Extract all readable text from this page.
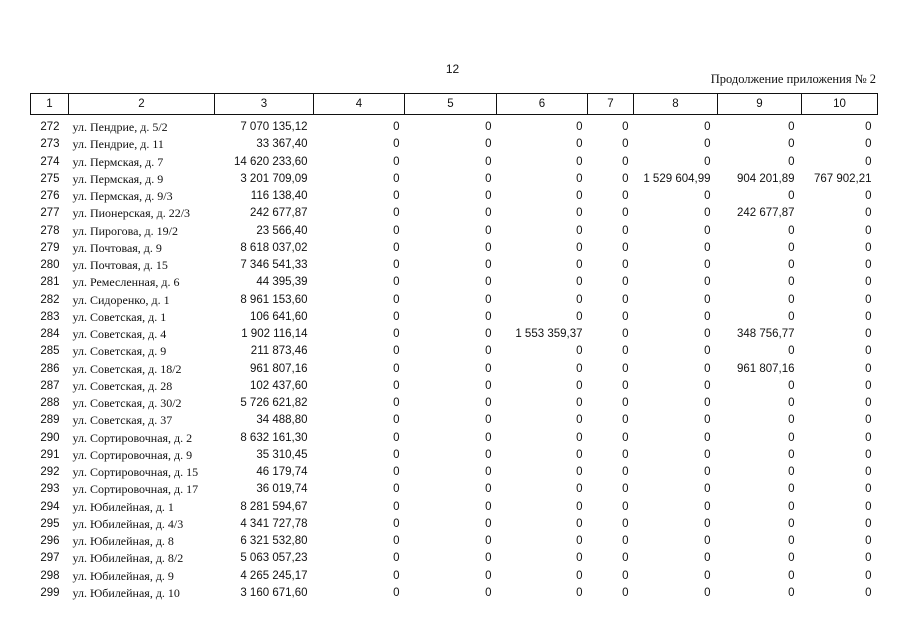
12
Продолжение приложения № 2
1	2	3	4	5	6	7	8	9	10
272	ул. Пендрие, д. 5/2	7 070 135,12	0	0	0	0	0	0	0
273	ул. Пендрие, д. 11	33 367,40	0	0	0	0	0	0	0
274	ул. Пермская, д. 7	14 620 233,60	0	0	0	0	0	0	0
275	ул. Пермская, д. 9	3 201 709,09	0	0	0	0	1 529 604,99	904 201,89	767 902,21
276	ул. Пермская, д. 9/3	116 138,40	0	0	0	0	0	0	0
277	ул. Пионерская, д. 22/3	242 677,87	0	0	0	0	0	242 677,87	0
278	ул. Пирогова, д. 19/2	23 566,40	0	0	0	0	0	0	0
279	ул. Почтовая, д. 9	8 618 037,02	0	0	0	0	0	0	0
280	ул. Почтовая, д. 15	7 346 541,33	0	0	0	0	0	0	0
281	ул. Ремесленная, д. 6	44 395,39	0	0	0	0	0	0	0
282	ул. Сидоренко, д. 1	8 961 153,60	0	0	0	0	0	0	0
283	ул. Советская, д. 1	106 641,60	0	0	0	0	0	0	0
284	ул. Советская, д. 4	1 902 116,14	0	0	1 553 359,37	0	0	348 756,77	0
285	ул. Советская, д. 9	211 873,46	0	0	0	0	0	0	0
286	ул. Советская, д. 18/2	961 807,16	0	0	0	0	0	961 807,16	0
287	ул. Советская, д. 28	102 437,60	0	0	0	0	0	0	0
288	ул. Советская, д. 30/2	5 726 621,82	0	0	0	0	0	0	0
289	ул. Советская, д. 37	34 488,80	0	0	0	0	0	0	0
290	ул. Сортировочная, д. 2	8 632 161,30	0	0	0	0	0	0	0
291	ул. Сортировочная, д. 9	35 310,45	0	0	0	0	0	0	0
292	ул. Сортировочная, д. 15	46 179,74	0	0	0	0	0	0	0
293	ул. Сортировочная, д. 17	36 019,74	0	0	0	0	0	0	0
294	ул. Юбилейная, д. 1	8 281 594,67	0	0	0	0	0	0	0
295	ул. Юбилейная, д. 4/3	4 341 727,78	0	0	0	0	0	0	0
296	ул. Юбилейная, д. 8	6 321 532,80	0	0	0	0	0	0	0
297	ул. Юбилейная, д. 8/2	5 063 057,23	0	0	0	0	0	0	0
298	ул. Юбилейная, д. 9	4 265 245,17	0	0	0	0	0	0	0
299	ул. Юбилейная, д. 10	3 160 671,60	0	0	0	0	0	0	0
